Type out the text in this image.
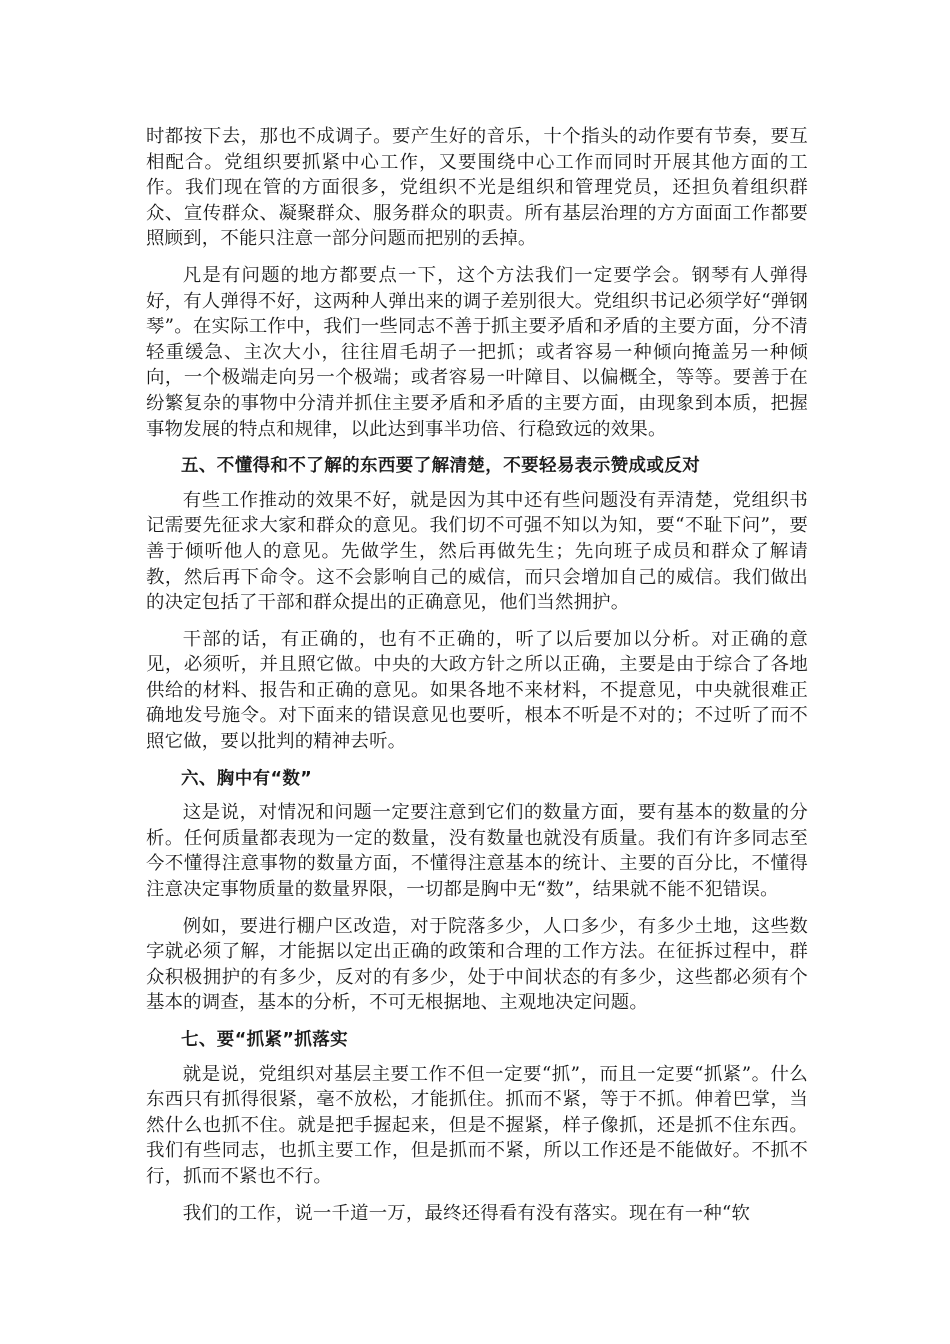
时都按下去，那也不成调子。要产生好的音乐，十个指头的动作要有节奏，要互相配合。党组织要抓紧中心工作，又要围绕中心工作而同时开展其他方面的工作。我们现在管的方面很多，党组织不光是组织和管理党员，还担负着组织群众、宣传群众、凝聚群众、服务群众的职责。所有基层治理的方方面面工作都要照顾到，不能只注意一部分问题而把别的丢掉。

凡是有问题的地方都要点一下，这个方法我们一定要学会。钢琴有人弹得好，有人弹得不好，这两种人弹出来的调子差别很大。党组织书记必须学好“弹钢琴”。在实际工作中，我们一些同志不善于抓主要矛盾和矛盾的主要方面，分不清轻重缓急、主次大小，往往眉毛胡子一把抓；或者容易一种倾向掩盖另一种倾向，一个极端走向另一个极端；或者容易一叶障目、以偏概全，等等。要善于在纷繁复杂的事物中分清并抓住主要矛盾和矛盾的主要方面，由现象到本质，把握事物发展的特点和规律，以此达到事半功倍、行稳致远的效果。

五、不懂得和不了解的东西要了解清楚，不要轻易表示赞成或反对

有些工作推动的效果不好，就是因为其中还有些问题没有弄清楚，党组织书记需要先征求大家和群众的意见。我们切不可强不知以为知，要“不耻下问”，要善于倾听他人的意见。先做学生，然后再做先生；先向班子成员和群众了解请教，然后再下命令。这不会影响自己的威信，而只会增加自己的威信。我们做出的决定包括了干部和群众提出的正确意见，他们当然拥护。

干部的话，有正确的，也有不正确的，听了以后要加以分析。对正确的意见，必须听，并且照它做。中央的大政方针之所以正确，主要是由于综合了各地供给的材料、报告和正确的意见。如果各地不来材料，不提意见，中央就很难正确地发号施令。对下面来的错误意见也要听，根本不听是不对的；不过听了而不照它做，要以批判的精神去听。

六、胸中有“数”

这是说，对情况和问题一定要注意到它们的数量方面，要有基本的数量的分析。任何质量都表现为一定的数量，没有数量也就没有质量。我们有许多同志至今不懂得注意事物的数量方面，不懂得注意基本的统计、主要的百分比，不懂得注意决定事物质量的数量界限，一切都是胸中无“数”，结果就不能不犯错误。

例如，要进行棚户区改造，对于院落多少，人口多少，有多少土地，这些数字就必须了解，才能据以定出正确的政策和合理的工作方法。在征拆过程中，群众积极拥护的有多少，反对的有多少，处于中间状态的有多少，这些都必须有个基本的调查，基本的分析，不可无根据地、主观地决定问题。

七、要“抓紧”抓落实

就是说，党组织对基层主要工作不但一定要“抓”，而且一定要“抓紧”。什么东西只有抓得很紧，毫不放松，才能抓住。抓而不紧，等于不抓。伸着巴掌，当然什么也抓不住。就是把手握起来，但是不握紧，样子像抓，还是抓不住东西。我们有些同志，也抓主要工作，但是抓而不紧，所以工作还是不能做好。不抓不行，抓而不紧也不行。

我们的工作，说一千道一万，最终还得看有没有落实。现在有一种“软
